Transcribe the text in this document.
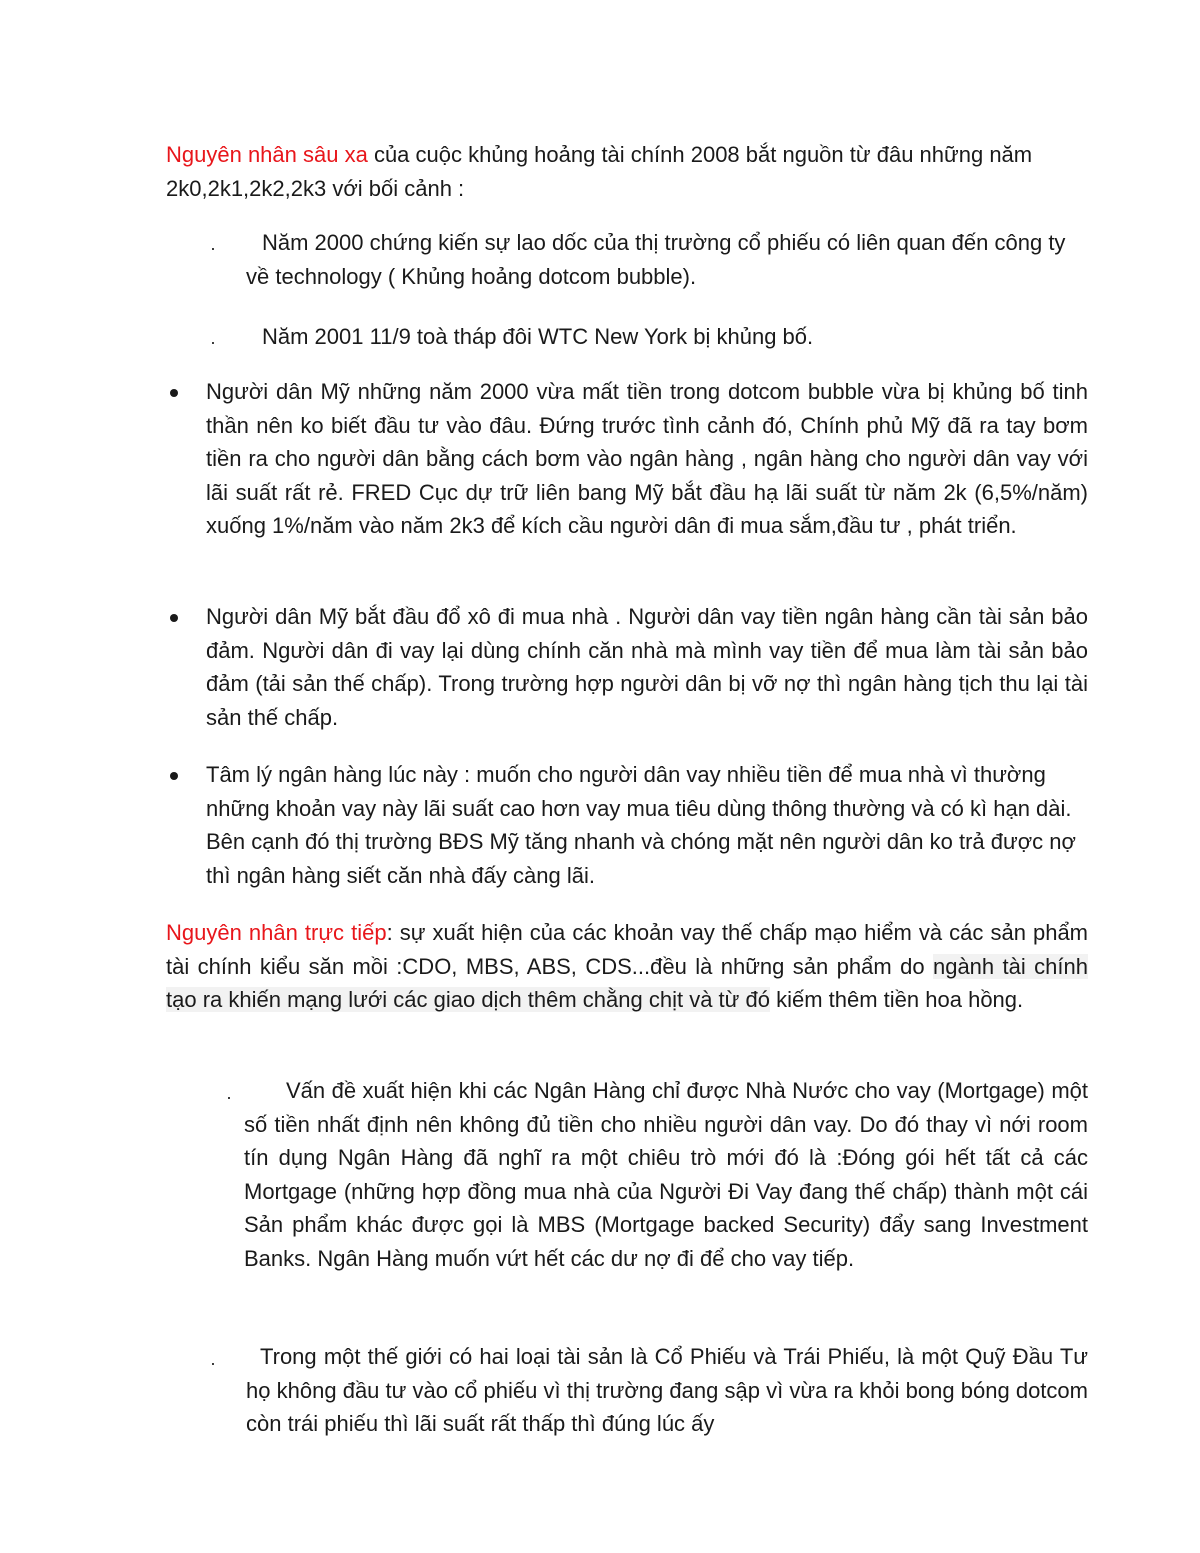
Nguyên nhân sâu xa của cuộc khủng hoảng tài chính 2008 bắt nguồn từ đâu những năm 2k0,2k1,2k2,2k3 với bối cảnh :
·	Năm 2000 chứng kiến sự lao dốc của thị trường cổ phiếu có liên quan đến công ty về technology ( Khủng hoảng dotcom bubble).
·	Năm 2001 11/9 toà tháp đôi WTC New York bị khủng bố.
Người dân Mỹ những năm 2000 vừa mất tiền trong dotcom bubble vừa bị khủng bố tinh thần nên ko biết đầu tư vào đâu. Đứng trước tình cảnh đó, Chính phủ Mỹ đã ra tay bơm tiền ra cho người dân bằng cách bơm vào ngân hàng , ngân hàng cho người dân vay với lãi suất rất rẻ. FRED Cục dự trữ liên bang Mỹ bắt đầu hạ lãi suất từ năm 2k (6,5%/năm) xuống 1%/năm vào năm 2k3 để kích cầu người dân đi mua sắm,đầu tư , phát triển.
Người dân Mỹ bắt đầu đổ xô đi mua nhà . Người dân vay tiền ngân hàng cần tài sản bảo đảm. Người dân đi vay lại dùng chính căn nhà mà mình vay tiền để mua làm tài sản bảo đảm (tải sản thế chấp). Trong trường hợp người dân bị vỡ nợ thì ngân hàng tịch thu lại tài sản thế chấp.
Tâm lý ngân hàng lúc này : muốn cho người dân vay nhiều tiền để mua nhà vì thường những khoản vay này lãi suất cao hơn vay mua tiêu dùng thông thường và có kì hạn dài. Bên cạnh đó thị trường BĐS Mỹ tăng nhanh và chóng mặt nên người dân ko trả được nợ thì ngân hàng siết căn nhà đấy càng lãi.
Nguyên nhân trực tiếp: sự xuất hiện của các khoản vay thế chấp mạo hiểm và các sản phẩm tài chính kiểu săn mồi :CDO, MBS, ABS, CDS...đều là những sản phẩm do ngành tài chính tạo ra khiến mạng lưới các giao dịch thêm chằng chịt và từ đó kiếm thêm tiền hoa hồng.
·	Vấn đề xuất hiện khi các Ngân Hàng chỉ được Nhà Nước cho vay (Mortgage) một số tiền nhất định nên không đủ tiền cho nhiều người dân vay. Do đó thay vì nới room tín dụng Ngân Hàng đã nghĩ ra một chiêu trò mới đó là :Đóng gói hết tất cả các Mortgage (những hợp đồng mua nhà của Người Đi Vay đang thế chấp) thành một cái Sản phẩm khác được gọi là MBS (Mortgage backed Security) đẩy sang Investment Banks. Ngân Hàng muốn vứt hết các dư nợ đi để cho vay tiếp.
·	Trong một thế giới có hai loại tài sản là Cổ Phiếu và Trái Phiếu, là một Quỹ Đầu Tư họ không đầu tư vào cổ phiếu vì thị trường đang sập vì vừa ra khỏi bong bóng dotcom còn trái phiếu thì lãi suất rất thấp thì đúng lúc ấy
